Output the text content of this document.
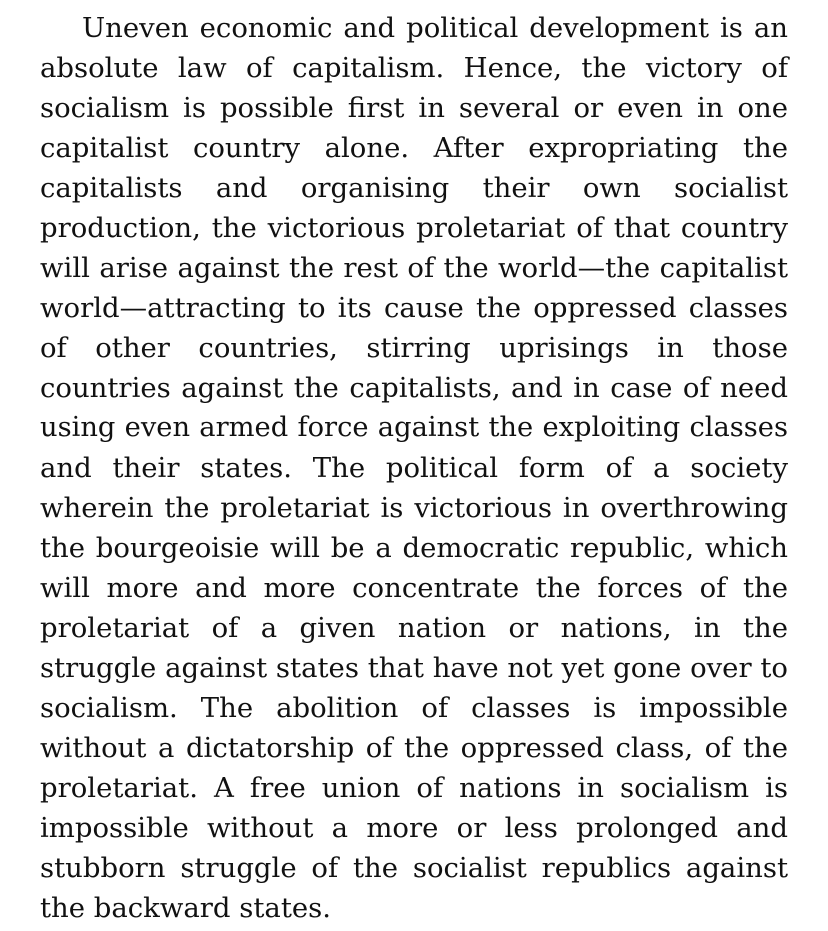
Uneven economic and political development is an
absolute law of capitalism. Hence, the victory of
socialism is possible first in several or even in one
capitalist country alone. After expropriating the
capitalists and organising their own socialist
production, the victorious proletariat of that country
will arise against the rest of the world—the capitalist
world—attracting to its cause the oppressed classes
of other countries, stirring uprisings in those
countries against the capitalists, and in case of need
using even armed force against the exploiting classes
and their states. The political form of a society
wherein the proletariat is victorious in overthrowing
the bourgeoisie will be a democratic republic, which
will more and more concentrate the forces of the
proletariat of a given nation or nations, in the
struggle against states that have not yet gone over to
socialism. The abolition of classes is impossible
without a dictatorship of the oppressed class, of the
proletariat. A free union of nations in socialism is
impossible without a more or less prolonged and
stubborn struggle of the socialist republics against
the backward states.
